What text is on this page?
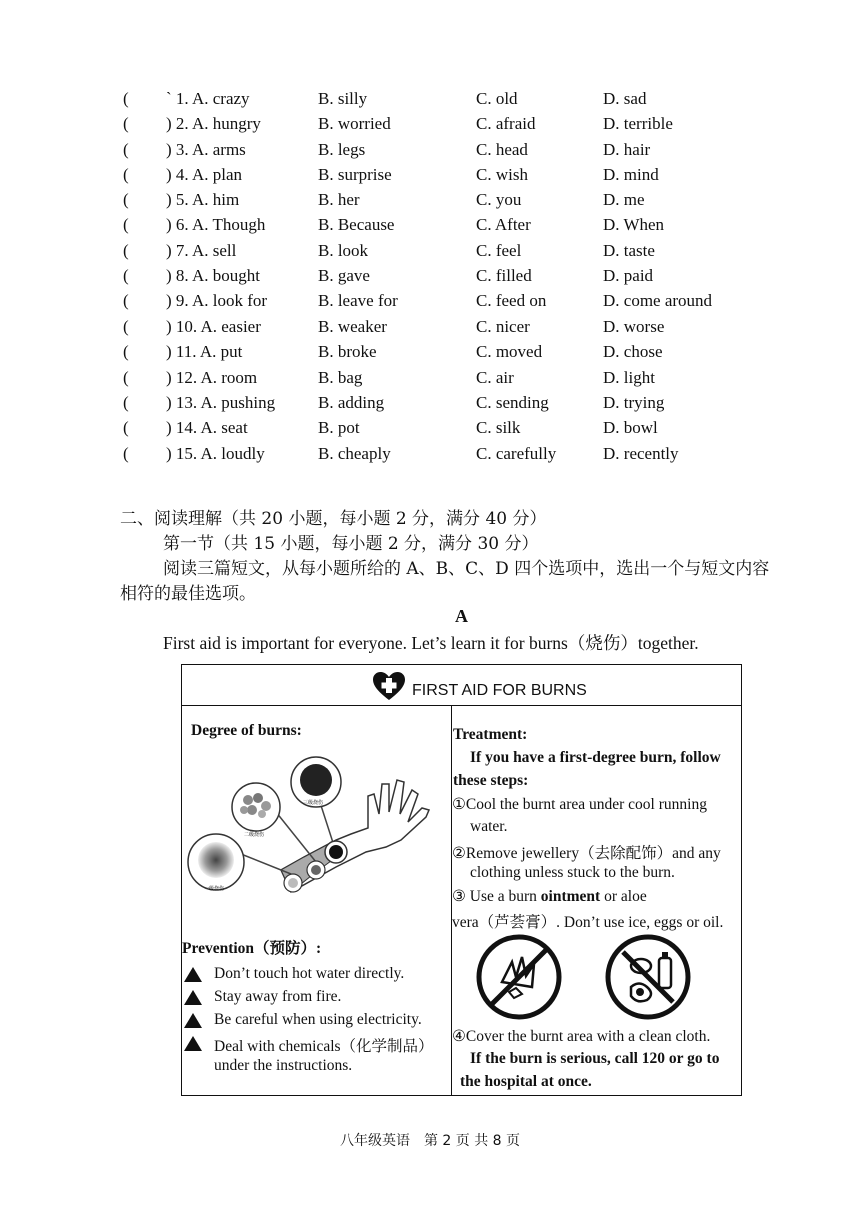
( ` 1. A. crazy	B. silly	C. old	D. sad
( ) 2. A. hungry	B. worried	C. afraid	D. terrible
( ) 3. A. arms	B. legs	C. head	D. hair
( ) 4. A. plan	B. surprise	C. wish	D. mind
( ) 5. A. him	B. her	C. you	D. me
( ) 6. A. Though	B. Because	C. After	D. When
( ) 7. A. sell	B. look	C. feel	D. taste
( ) 8. A. bought	B. gave	C. filled	D. paid
( ) 9. A. look for	B. leave for	C. feed on	D. come around
( ) 10. A. easier	B. weaker	C. nicer	D. worse
( ) 11. A. put	B. broke	C. moved	D. chose
( ) 12. A. room	B. bag	C. air	D. light
( ) 13. A. pushing	B. adding	C. sending	D. trying
( ) 14. A. seat	B. pot	C. silk	D. bowl
( ) 15. A. loudly	B. cheaply	C. carefully	D. recently
二、阅读理解（共 20 小题，每小题 2 分，满分 40 分）
第一节（共 15 小题，每小题 2 分，满分 30 分）
阅读三篇短文，从每小题所给的 A、B、C、D 四个选项中，选出一个与短文内容
相符的最佳选项。
A
First aid is important for everyone. Let’s learn it for burns（烧伤）together.
FIRST AID FOR BURNS
Degree of burns:
三级烧伤
二级烧伤
一级烧伤
Prevention（预防）:
Don’t touch hot water directly.
Stay away from fire.
Be careful when using electricity.
Deal with chemicals（化学制品）
under the instructions.
Treatment:
If you have a first-degree burn, follow
these steps:
①Cool the burnt area under cool running
water.
②Remove jewellery（去除配饰）and any
clothing unless stuck to the burn.
③ Use a burn ointment or aloe
vera（芦荟膏）. Don’t use ice, eggs or oil.
④Cover the burnt area with a clean cloth.
If the burn is serious, call 120 or go to
the hospital at once.
八年级英语　第 2 页 共 8 页
